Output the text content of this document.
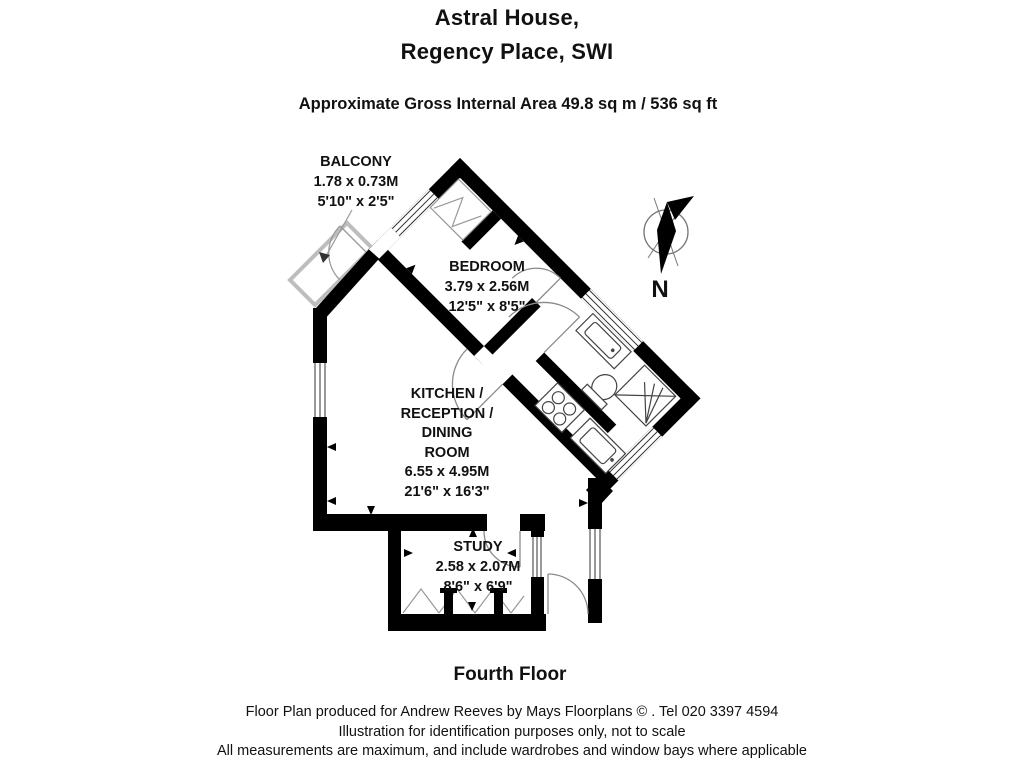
Astral House,
Regency Place, SWI
Approximate Gross Internal Area 49.8 sq m / 536 sq ft
BALCONY
1.78 x 0.73M
5'10" x 2'5"
BEDROOM
3.79 x 2.56M
12'5" x 8'5"
KITCHEN /
RECEPTION /
DINING
ROOM
6.55 x 4.95M
21'6" x 16'3"
STUDY
2.58 x 2.07M
8'6" x 6'9"
N
Fourth Floor
Floor Plan produced for Andrew Reeves by Mays Floorplans © . Tel 020 3397 4594
Illustration for identification purposes only, not to scale
All measurements are maximum, and include wardrobes and window bays where applicable
